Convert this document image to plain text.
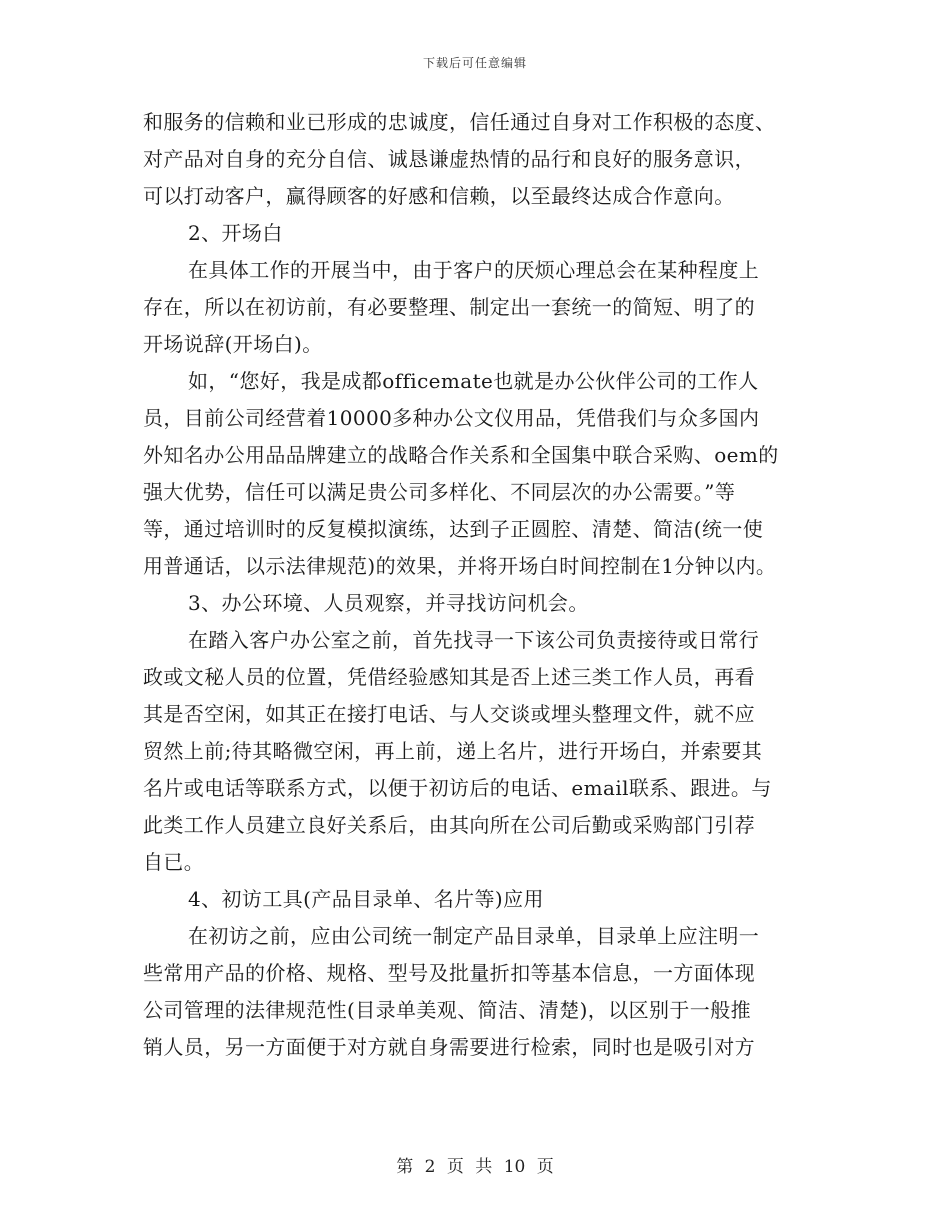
下载后可任意编辑
和服务的信赖和业已形成的忠诚度，信任通过自身对工作积极的态度、
对产品对自身的充分自信、诚恳谦虚热情的品行和良好的服务意识，
可以打动客户，赢得顾客的好感和信赖，以至最终达成合作意向。
2、开场白
在具体工作的开展当中，由于客户的厌烦心理总会在某种程度上
存在，所以在初访前，有必要整理、制定出一套统一的简短、明了的
开场说辞(开场白)。
如，“您好，我是成都officemate也就是办公伙伴公司的工作人
员，目前公司经营着10000多种办公文仪用品，凭借我们与众多国内
外知名办公用品品牌建立的战略合作关系和全国集中联合采购、oem的
强大优势，信任可以满足贵公司多样化、不同层次的办公需要。”等
等，通过培训时的反复模拟演练，达到子正圆腔、清楚、简洁(统一使
用普通话，以示法律规范)的效果，并将开场白时间控制在1分钟以内。
3、办公环境、人员观察，并寻找访问机会。
在踏入客户办公室之前，首先找寻一下该公司负责接待或日常行
政或文秘人员的位置，凭借经验感知其是否上述三类工作人员，再看
其是否空闲，如其正在接打电话、与人交谈或埋头整理文件，就不应
贸然上前;待其略微空闲，再上前，递上名片，进行开场白，并索要其
名片或电话等联系方式，以便于初访后的电话、email联系、跟进。与
此类工作人员建立良好关系后，由其向所在公司后勤或采购部门引荐
自已。
4、初访工具(产品目录单、名片等)应用
在初访之前，应由公司统一制定产品目录单，目录单上应注明一
些常用产品的价格、规格、型号及批量折扣等基本信息，一方面体现
公司管理的法律规范性(目录单美观、简洁、清楚)，以区别于一般推
销人员，另一方面便于对方就自身需要进行检索，同时也是吸引对方
第 2 页 共 10 页
